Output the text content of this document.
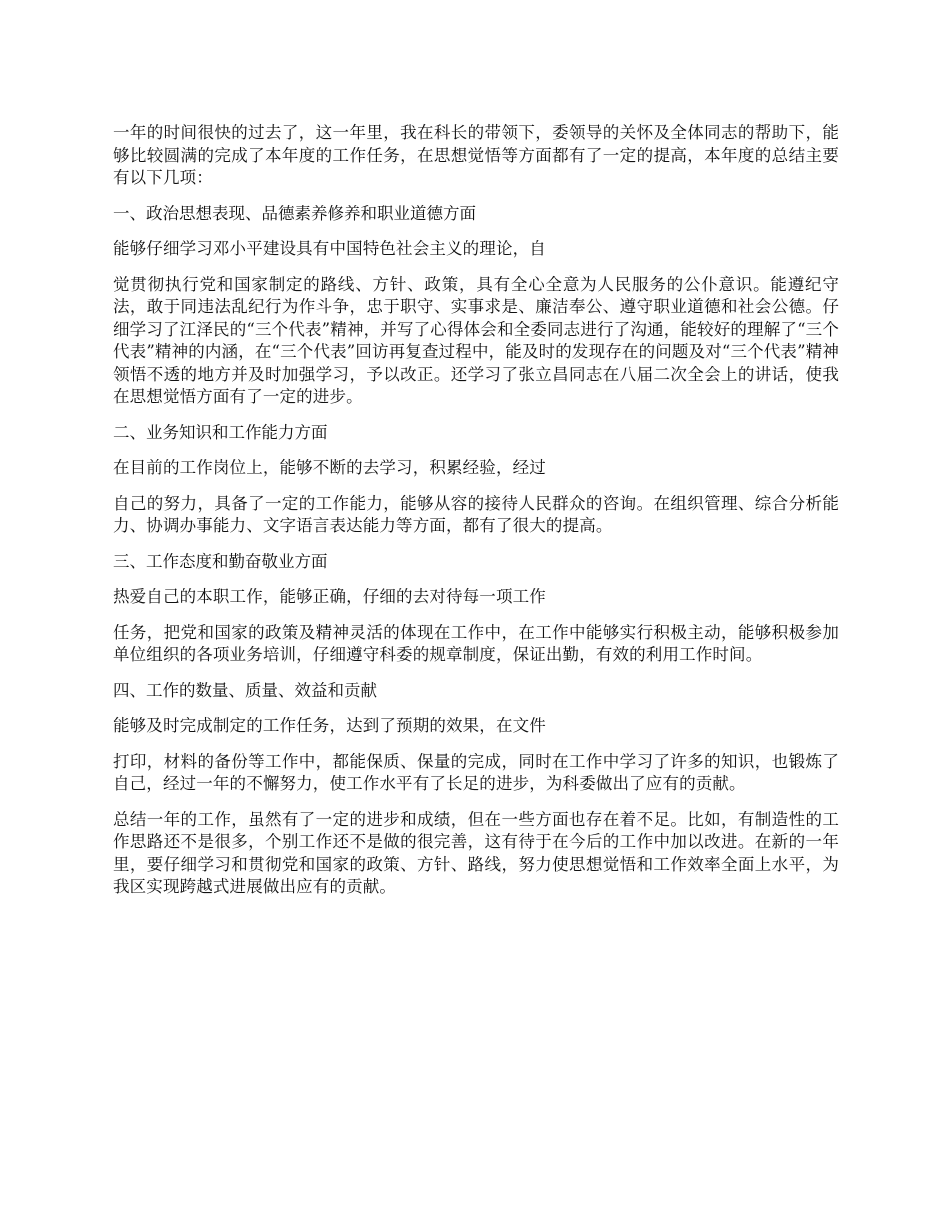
一年的时间很快的过去了，这一年里，我在科长的带领下，委领导的关怀及全体同志的帮助下，能够比较圆满的完成了本年度的工作任务，在思想觉悟等方面都有了一定的提高，本年度的总结主要有以下几项：

一、政治思想表现、品德素养修养和职业道德方面

能够仔细学习邓小平建设具有中国特色社会主义的理论，自

觉贯彻执行党和国家制定的路线、方针、政策，具有全心全意为人民服务的公仆意识。能遵纪守法，敢于同违法乱纪行为作斗争，忠于职守、实事求是、廉洁奉公、遵守职业道德和社会公德。仔细学习了江泽民的“三个代表”精神，并写了心得体会和全委同志进行了沟通，能较好的理解了“三个代表”精神的内涵，在“三个代表”回访再复查过程中，能及时的发现存在的问题及对“三个代表”精神领悟不透的地方并及时加强学习，予以改正。还学习了张立昌同志在八届二次全会上的讲话，使我在思想觉悟方面有了一定的进步。

二、业务知识和工作能力方面

在目前的工作岗位上，能够不断的去学习，积累经验，经过

自己的努力，具备了一定的工作能力，能够从容的接待人民群众的咨询。在组织管理、综合分析能力、协调办事能力、文字语言表达能力等方面，都有了很大的提高。

三、工作态度和勤奋敬业方面

热爱自己的本职工作，能够正确，仔细的去对待每一项工作

任务，把党和国家的政策及精神灵活的体现在工作中，在工作中能够实行积极主动，能够积极参加单位组织的各项业务培训，仔细遵守科委的规章制度，保证出勤，有效的利用工作时间。

四、工作的数量、质量、效益和贡献

能够及时完成制定的工作任务，达到了预期的效果，在文件

打印，材料的备份等工作中，都能保质、保量的完成，同时在工作中学习了许多的知识，也锻炼了自己，经过一年的不懈努力，使工作水平有了长足的进步，为科委做出了应有的贡献。

总结一年的工作，虽然有了一定的进步和成绩，但在一些方面也存在着不足。比如，有制造性的工作思路还不是很多，个别工作还不是做的很完善，这有待于在今后的工作中加以改进。在新的一年里，要仔细学习和贯彻党和国家的政策、方针、路线，努力使思想觉悟和工作效率全面上水平，为我区实现跨越式进展做出应有的贡献。
